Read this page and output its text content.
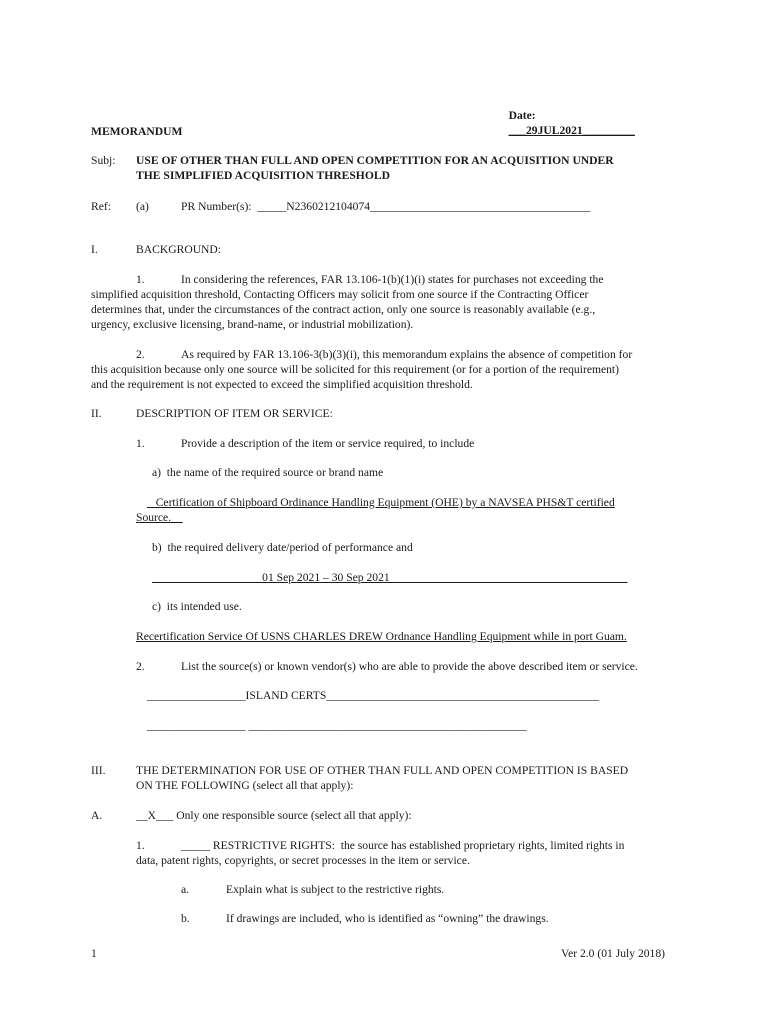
Date:
___29JUL2021_________

MEMORANDUM
Subj: USE OF OTHER THAN FULL AND OPEN COMPETITION FOR AN ACQUISITION UNDER
THE SIMPLIFIED ACQUISITION THRESHOLD
Ref: (a)	PR Number(s):  _____N2360212104074______________________________________
I.	BACKGROUND:
1.	In considering the references, FAR 13.106-1(b)(1)(i) states for purchases not exceeding the
simplified acquisition threshold, Contacting Officers may solicit from one source if the Contracting Officer
determines that, under the circumstances of the contract action, only one source is reasonably available (e.g.,
urgency, exclusive licensing, brand-name, or industrial mobilization).
2.	As required by FAR 13.106-3(b)(3)(i), this memorandum explains the absence of competition for
this acquisition because only one source will be solicited for this requirement (or for a portion of the requirement)
and the requirement is not expected to exceed the simplified acquisition threshold.
II.	DESCRIPTION OF ITEM OR SERVICE:
1.	Provide a description of the item or service required, to include
a)  the name of the required source or brand name
Certification of Shipboard Ordinance Handling Equipment (OHE) by a NAVSEA PHS&T certified
Source.
b)  the required delivery date/period of performance and
___________________01 Sep 2021 – 30 Sep 2021_________________________________________
c)  its intended use.
Recertification Service Of USNS CHARLES DREW Ordnance Handling Equipment while in port Guam.
2.	List the source(s) or known vendor(s) who are able to provide the above described item or service.
_________________ISLAND CERTS_______________________________________________
_________________ ________________________________________________
III.	THE DETERMINATION FOR USE OF OTHER THAN FULL AND OPEN COMPETITION IS BASED
ON THE FOLLOWING (select all that apply):
A.	__X___ Only one responsible source (select all that apply):
1.	_____ RESTRICTIVE RIGHTS:  the source has established proprietary rights, limited rights in
data, patent rights, copyrights, or secret processes in the item or service.
a.	Explain what is subject to the restrictive rights.
b.	If drawings are included, who is identified as “owning” the drawings.
1	Ver 2.0 (01 July 2018)
